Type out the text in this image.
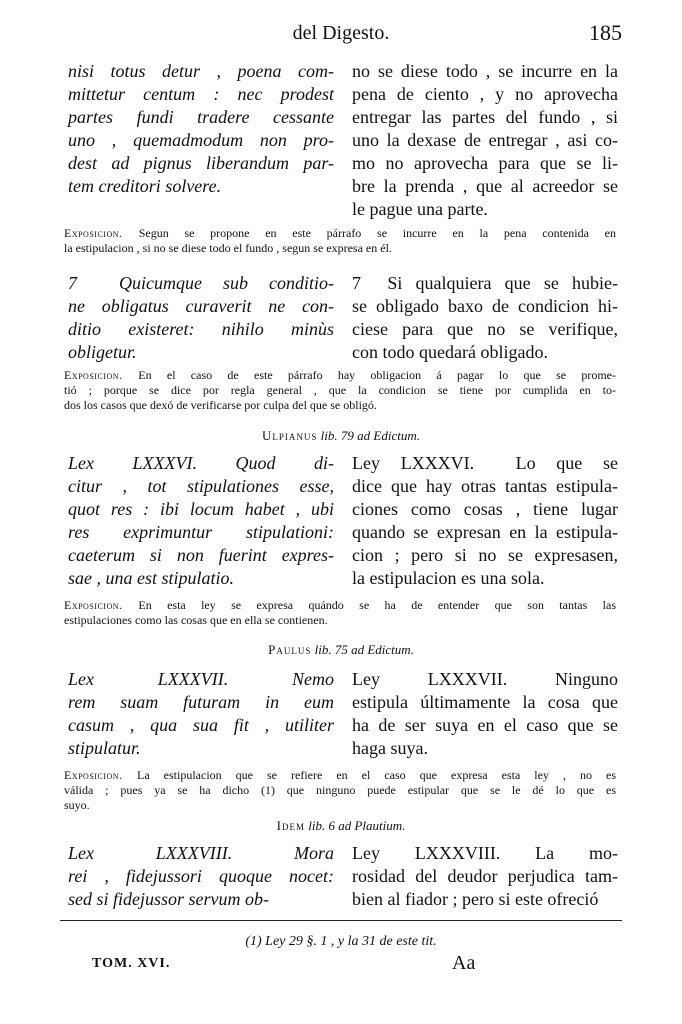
del Digesto.	185
nisi totus detur , poena com-
mittetur centum : nec prodest
partes fundi tradere cessante
uno , quemadmodum non pro-
dest ad pignus liberandum par-
tem creditori solvere.
no se diese todo , se incurre en la
pena de ciento , y no aprovecha
entregar las partes del fundo , si
uno la dexase de entregar , asi co-
mo no aprovecha para que se li-
bre la prenda , que al acreedor se
le pague una parte.
Exposicion. Segun se propone en este párrafo se incurre en la pena contenida en
la estipulacion , si no se diese todo el fundo , segun se expresa en él.
7  Quicumque sub conditio-
ne obligatus curaverit ne con-
ditio existeret: nihilo minùs
obligetur.
7  Si qualquiera que se hubie-
se obligado baxo de condicion hi-
ciese para que no se verifique,
con todo quedará obligado.
Exposicion. En el caso de este párrafo hay obligacion á pagar lo que se prome-
tió ; porque se dice por regla general , que la condicion se tiene por cumplida en to-
dos los casos que dexó de verificarse por culpa del que se obligó.
Ulpianus lib. 79 ad Edictum.
Lex LXXXVI. Quod di-
citur , tot stipulationes esse,
quot res : ibi locum habet , ubi
res exprimuntur stipulationi:
caeterum si non fuerint expres-
sae , una est stipulatio.
Ley LXXXVI.  Lo que se
dice que hay otras tantas estipula-
ciones como cosas , tiene lugar
quando se expresan en la estipula-
cion ; pero si no se expresasen,
la estipulacion es una sola.
Exposicion. En esta ley se expresa quándo se ha de entender que son tantas las
estipulaciones como las cosas que en ella se contienen.
Paulus lib. 75 ad Edictum.
Lex LXXXVII. Nemo
rem suam futuram in eum
casum , qua sua fit , utiliter
stipulatur.
Ley LXXXVII. Ninguno
estipula últimamente la cosa que
ha de ser suya en el caso que se
haga suya.
Exposicion. La estipulacion que se refiere en el caso que expresa esta ley , no es
válida ; pues ya se ha dicho (1) que ninguno puede estipular que se le dé lo que es
suyo.
Idem lib. 6 ad Plautium.
Lex LXXXVIII. Mora
rei , fidejussori quoque nocet:
sed si fidejussor servum ob-
Ley LXXXVIII. La mo-
rosidad del deudor perjudica tam-
bien al fiador ; pero si este ofreció
(1) Ley 29 §. 1 , y la 31 de este tit.
TOM. XVI.	Aa
